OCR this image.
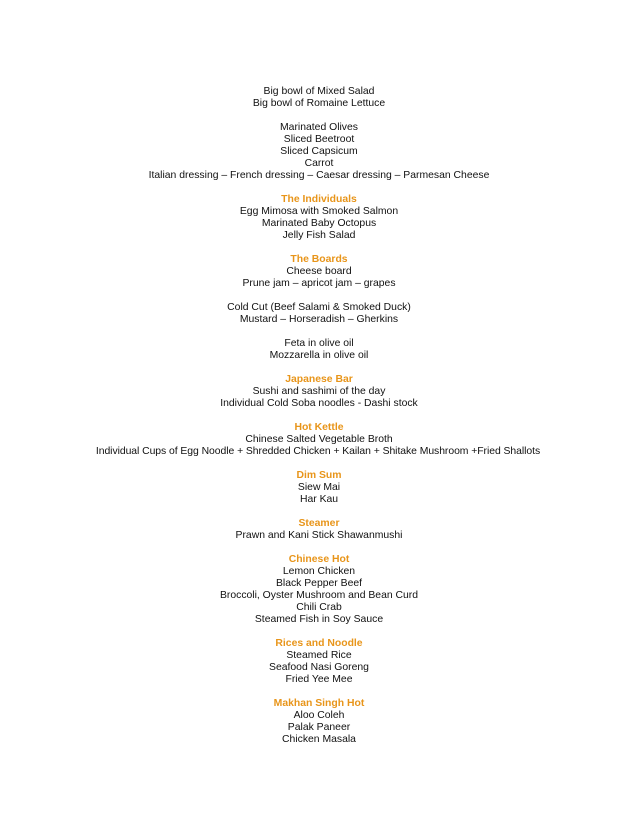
Big bowl of Mixed Salad
Big bowl of Romaine Lettuce
Marinated Olives
Sliced Beetroot
Sliced Capsicum
Carrot
Italian dressing – French dressing – Caesar dressing – Parmesan Cheese
The Individuals
Egg Mimosa with Smoked Salmon
Marinated Baby Octopus
Jelly Fish Salad
The Boards
Cheese board
Prune jam – apricot jam – grapes
Cold Cut (Beef Salami & Smoked Duck)
Mustard – Horseradish – Gherkins
Feta in olive oil
Mozzarella in olive oil
Japanese Bar
Sushi and sashimi of the day
Individual Cold Soba noodles - Dashi stock
Hot Kettle
Chinese Salted Vegetable Broth
Individual Cups of Egg Noodle + Shredded Chicken + Kailan + Shitake Mushroom +Fried Shallots
Dim Sum
Siew Mai
Har Kau
Steamer
Prawn and Kani Stick Shawanmushi
Chinese Hot
Lemon Chicken
Black Pepper Beef
Broccoli, Oyster Mushroom and Bean Curd
Chili Crab
Steamed Fish in Soy Sauce
Rices and Noodle
Steamed Rice
Seafood Nasi Goreng
Fried Yee Mee
Makhan Singh Hot
Aloo Coleh
Palak Paneer
Chicken Masala
